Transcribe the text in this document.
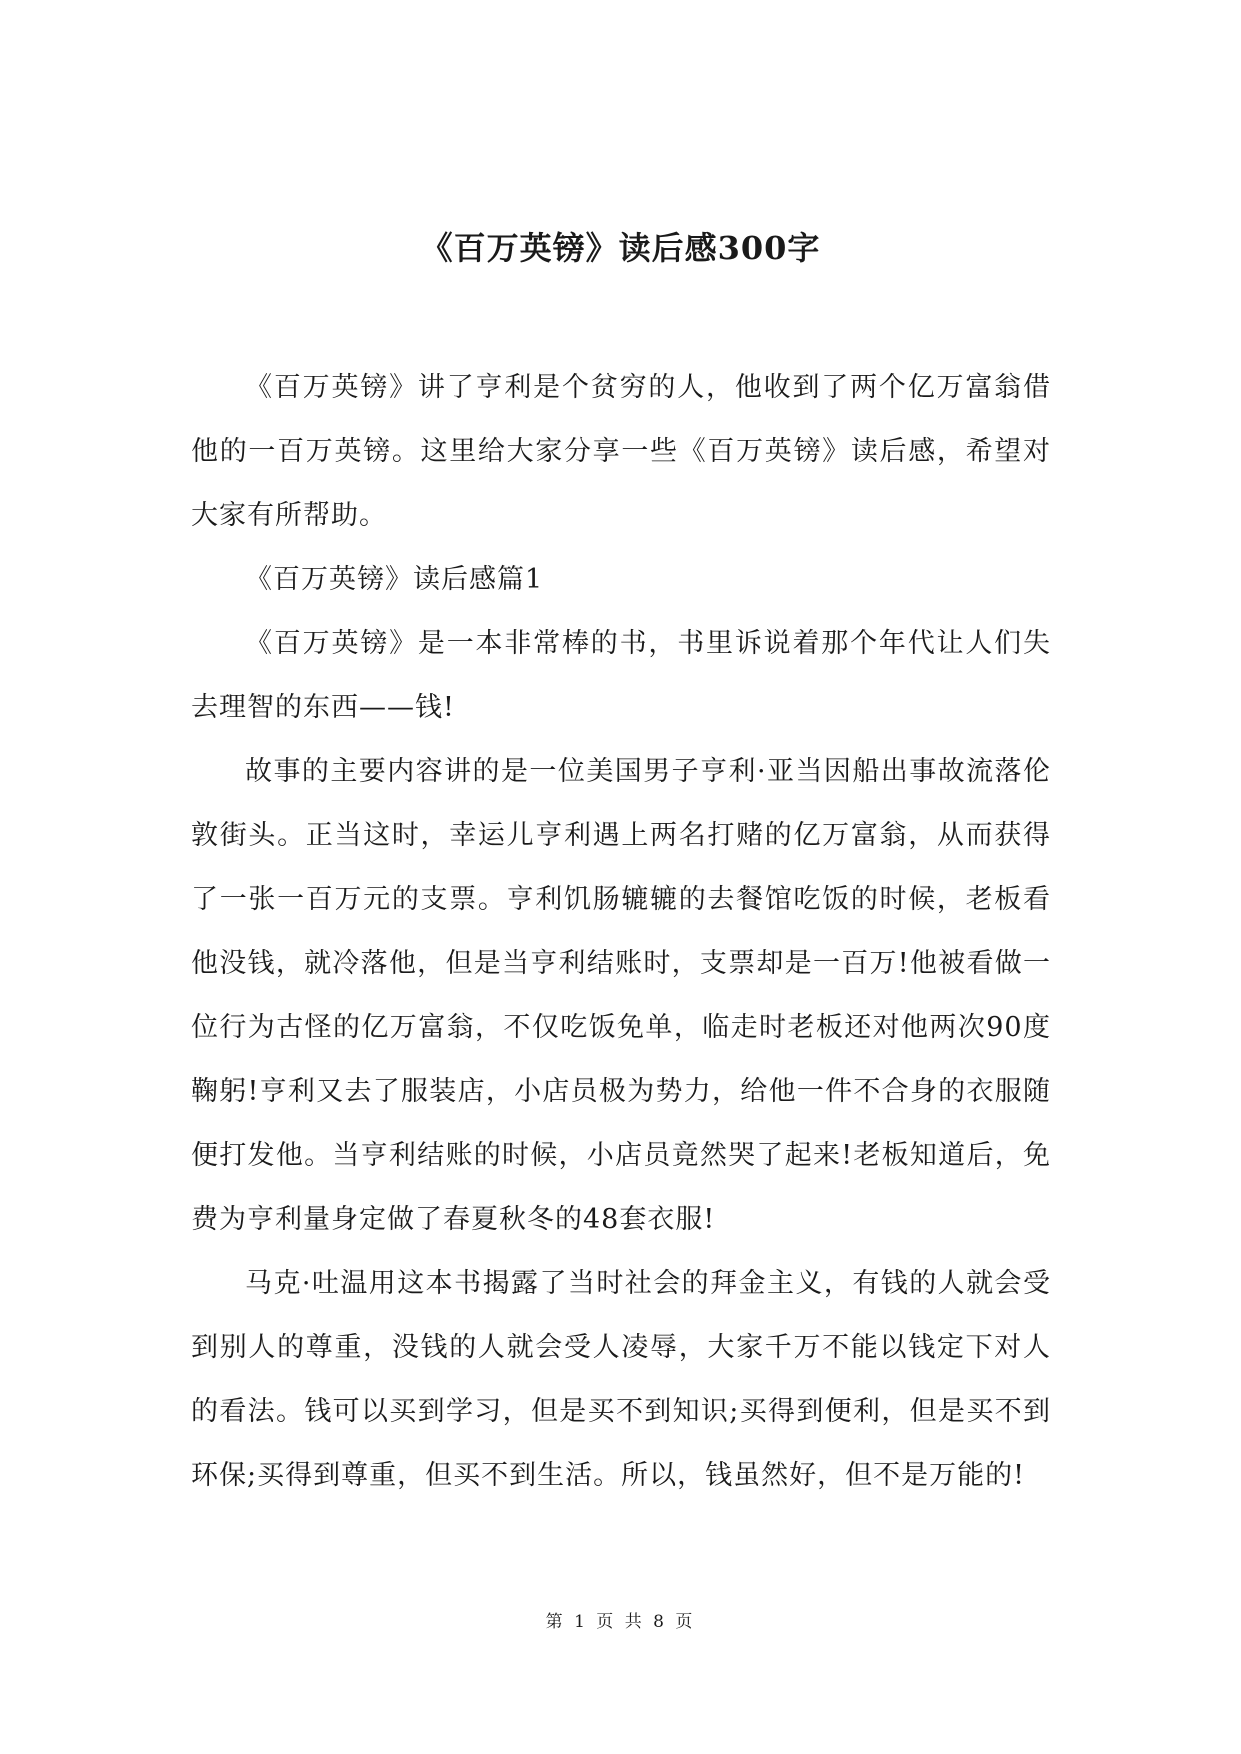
《百万英镑》读后感300字

《百万英镑》讲了亨利是个贫穷的人，他收到了两个亿万富翁借他的一百万英镑。这里给大家分享一些《百万英镑》读后感，希望对大家有所帮助。

《百万英镑》读后感篇1

《百万英镑》是一本非常棒的书，书里诉说着那个年代让人们失去理智的东西——钱!

故事的主要内容讲的是一位美国男子亨利·亚当因船出事故流落伦敦街头。正当这时，幸运儿亨利遇上两名打赌的亿万富翁，从而获得了一张一百万元的支票。亨利饥肠辘辘的去餐馆吃饭的时候，老板看他没钱，就冷落他，但是当亨利结账时，支票却是一百万!他被看做一位行为古怪的亿万富翁，不仅吃饭免单，临走时老板还对他两次90度鞠躬!亨利又去了服装店，小店员极为势力，给他一件不合身的衣服随便打发他。当亨利结账的时候，小店员竟然哭了起来!老板知道后，免费为亨利量身定做了春夏秋冬的48套衣服!

马克·吐温用这本书揭露了当时社会的拜金主义，有钱的人就会受到别人的尊重，没钱的人就会受人凌辱，大家千万不能以钱定下对人的看法。钱可以买到学习，但是买不到知识;买得到便利，但是买不到环保;买得到尊重，但买不到生活。所以，钱虽然好，但不是万能的!

第 1 页 共 8 页
